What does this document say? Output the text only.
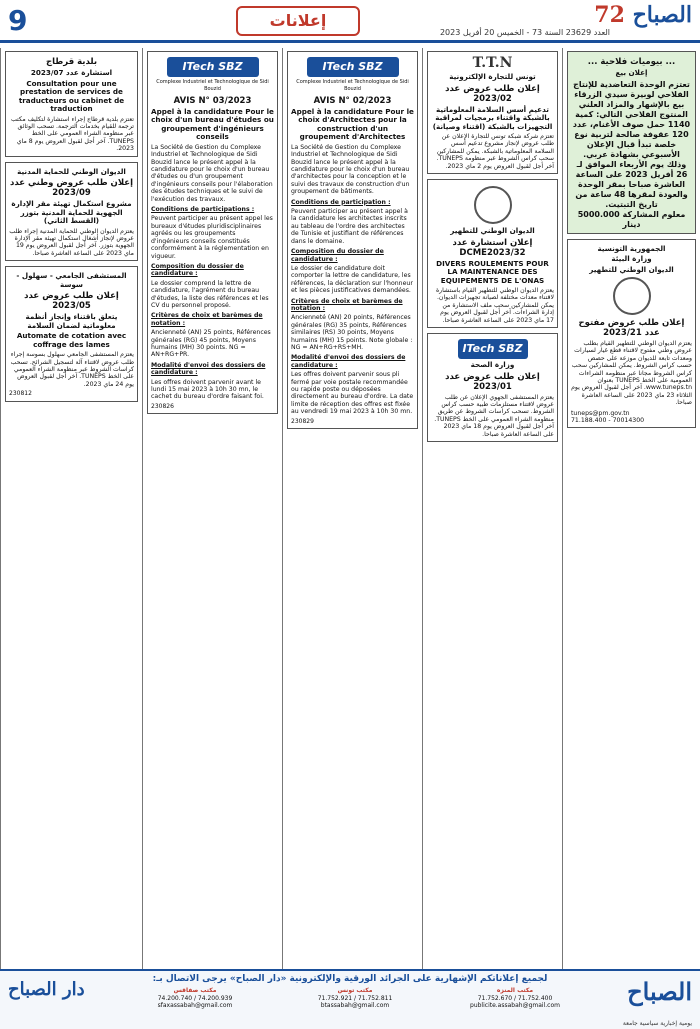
9	إعلانات	72 الصباح
العدد 23629 السنة 73 - الخميس 20 أفريل 2023
... بيوميات فلاحية ...
إعلان بيع
تعتزم الوحدة التعاضدية للإنتاج الفلاحي لوبيرة سيدي الزرقاء بيع بالإشهار والمزاد العلني المنتوج الفلاحي التالي: كمية 1140 حمل صوف الأغنام، عدد 120 عقوفة صالحة لتربية نوع خلصة تبدأ قبال الإعلان الأسبوعي بشهادة عربي.
وذلك يوم الأربعاء الموافق لـ 26 أفريل 2023 على الساعة العاشرة صباحا بمقر الوحدة والعودة لمقرها 48 ساعة من تاريخ التبتيت.
معلوم المشاركة 5000.000 دينار
الجمهورية التونسية
وزارة البيئة
الديوان الوطني للتطهير
إعلان طلب عروض مفتوح عدد 2023/21
يعتزم الديوان الوطني للتطهير القيام بطلب عروض وطني مفتوح لاقتناء قطع غيار لسيارات ومعدات تابعة للديوان موزعة على حصص حسب كراس الشروط. يمكن للمشاركين سحب كراس الشروط مجانا عبر منظومة الشراءات العمومية على الخط TUNEPS بعنوان www.tuneps.tn. آخر أجل لقبول العروض يوم الثلاثاء 23 ماي 2023 على الساعة العاشرة صباحا.
tuneps@pm.gov.tn
71.188.400 - 70014300
T.T.N
تونس للتجارة الإلكترونية
إعلان طلب عروض عدد 2023/02
تدعيم أسس السلامة المعلوماتية بالشبكة واقتناء برمجيات لمراقبة التجهيزات بالشبكة (اقتناء وصيانة)
تعتزم شركة شبكة تونس للتجارة الإعلان عن طلب عروض لإنجاز مشروع تدعيم أسس السلامة المعلوماتية بالشبكة. يمكن للمشاركين سحب كراس الشروط عبر منظومة TUNEPS. آخر أجل لقبول العروض يوم 2 ماي 2023.
الديوان الوطني للتطهير
إعلان استشارة عدد DCME2023/32
DIVERS ROULEMENTS POUR LA MAINTENANCE DES EQUIPEMENTS DE L'ONAS
يعتزم الديوان الوطني للتطهير القيام باستشارة لاقتناء معدات مختلفة لصيانة تجهيزات الديوان. يمكن للمشاركين سحب ملف الاستشارة من إدارة الشراءات. آخر أجل لقبول العروض يوم 17 ماي 2023 على الساعة العاشرة صباحا.
ITech SBZ
وزارة الصحة
إعلان طلب عروض عدد 2023/01
يعتزم المستشفى الجهوي الإعلان عن طلب عروض لاقتناء مستلزمات طبية حسب كراس الشروط. تسحب كراسات الشروط عن طريق منظومة الشراء العمومي على الخط TUNEPS. آخر أجل لقبول العروض يوم 18 ماي 2023 على الساعة العاشرة صباحا.
ITech SBZ
Complexe Industriel et Technologique de Sidi Bouzid
AVIS N° 02/2023
Appel à la candidature Pour le choix d'Architectes pour la construction d'un groupement d'Architectes
La Société de Gestion du Complexe Industriel et Technologique de Sidi Bouzid lance le présent appel à la candidature pour le choix d'un bureau d'architectes pour la conception et le suivi des travaux de construction d'un groupement de bâtiments.
Conditions de participation :
Peuvent participer au présent appel à la candidature les architectes inscrits au tableau de l'ordre des architectes de Tunisie et justifiant de références dans le domaine.
Composition du dossier de candidature :
Le dossier de candidature doit comporter la lettre de candidature, les références, la déclaration sur l'honneur et les pièces justificatives demandées.
Critères de choix et barèmes de notation :
Ancienneté (AN) 20 points, Références générales (RG) 35 points, Références similaires (RS) 30 points, Moyens humains (MH) 15 points. Note globale : NG = AN+RG+RS+MH.
Modalité d'envoi des dossiers de candidature :
Les offres doivent parvenir sous pli fermé par voie postale recommandée ou rapide poste ou déposées directement au bureau d'ordre. La date limite de réception des offres est fixée au vendredi 19 mai 2023 à 10h 30 mn.
230829
ITech SBZ
Complexe Industriel et Technologique de Sidi Bouzid
AVIS N° 03/2023
Appel à la candidature Pour le choix d'un bureau d'études ou groupement d'ingénieurs conseils
La Société de Gestion du Complexe Industriel et Technologique de Sidi Bouzid lance le présent appel à la candidature pour le choix d'un bureau d'études ou d'un groupement d'ingénieurs conseils pour l'élaboration des études techniques et le suivi de l'exécution des travaux.
Conditions de participations :
Peuvent participer au présent appel les bureaux d'études pluridisciplinaires agréés ou les groupements d'ingénieurs conseils constitués conformément à la réglementation en vigueur.
Composition du dossier de candidature :
Le dossier comprend la lettre de candidature, l'agrément du bureau d'études, la liste des références et les CV du personnel proposé.
Critères de choix et barèmes de notation :
Ancienneté (AN) 25 points, Références générales (RG) 45 points, Moyens humains (MH) 30 points. NG = AN+RG+PR.
Modalité d'envoi des dossiers de candidature :
Les offres doivent parvenir avant le lundi 15 mai 2023 à 10h 30 mn, le cachet du bureau d'ordre faisant foi.
230826
بلدية قرطاج
استشارة عدد 2023/07
Consultation pour une prestation de services de traducteurs ou cabinet de traduction
تعتزم بلدية قرطاج إجراء استشارة لتكليف مكتب ترجمة للقيام بخدمات الترجمة. تسحب الوثائق عبر منظومة الشراء العمومي على الخط TUNEPS. آخر أجل لقبول العروض يوم 8 ماي 2023.
الديوان الوطني للحماية المدنية
إعلان طلب عروض وطني عدد 2023/09
مشروع استكمال تهيئة مقر الإدارة الجهوية للحماية المدنية بتوزر (القسط الثاني)
يعتزم الديوان الوطني للحماية المدنية إجراء طلب عروض لإنجاز أشغال استكمال تهيئة مقر الإدارة الجهوية بتوزر. آخر أجل لقبول العروض يوم 19 ماي 2023 على الساعة العاشرة صباحا.
المستشفى الجامعي - سهلول - سوسة
إعلان طلب عروض عدد 2023/05
يتعلق باقتناء وإنجاز أنظمة معلوماتية لضمان السلامة
Automate de cotation avec coffrage des lames
يعتزم المستشفى الجامعي سهلول بسوسة إجراء طلب عروض لاقتناء آلة لتسجيل الشرائح. تسحب كراسات الشروط عبر منظومة الشراء العمومي على الخط TUNEPS. آخر أجل لقبول العروض يوم 24 ماي 2023.
230812
لجميع إعلاناتكم الإشهارية على الجرائد الورقية والإلكترونية «دار الصباح» يرجى الاتصال بـ:	الصباح
دار الصباح
يومية إخبارية سياسية جامعة
مكتب المنزه
71.752.400 / 71.752.670
publicite.assabah@gmail.com
مكتب تونس
71.752.811 / 71.752.921
btassabah@gmail.com
مكتب صفاقس
74.200.939 / 74.200.740
sfaxassabah@gmail.com
